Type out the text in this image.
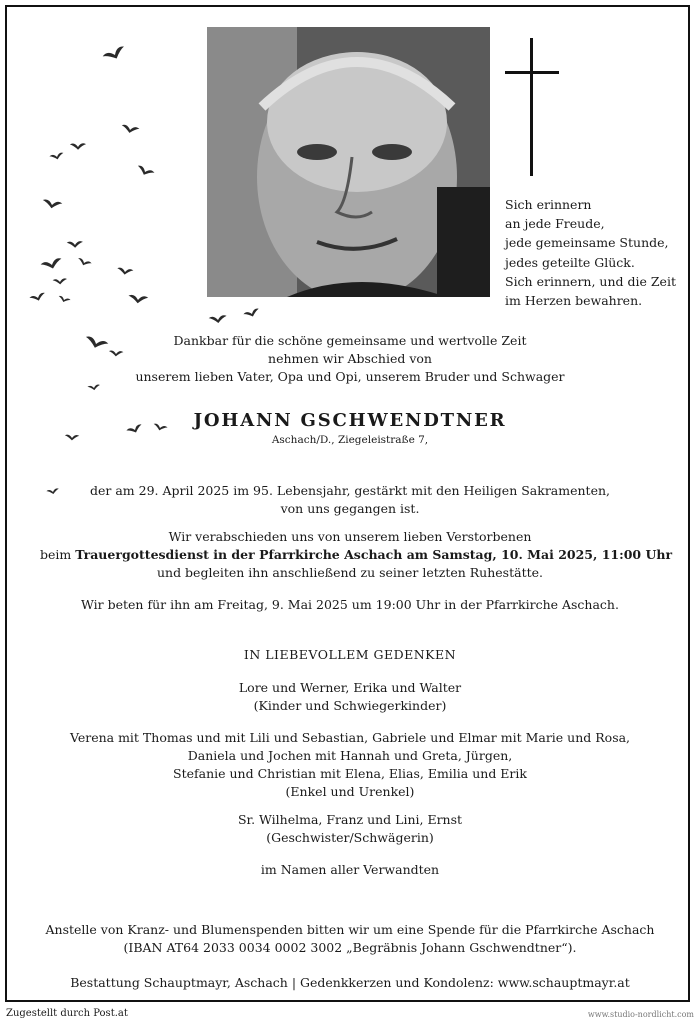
Sich erinnern
an jede Freude,
jede gemeinsame Stunde,
jedes geteilte Glück.
Sich erinnern, und die Zeit
im Herzen bewahren.
Dankbar für die schöne gemeinsame und wertvolle Zeit
nehmen wir Abschied von
unserem lieben Vater, Opa und Opi, unserem Bruder und Schwager
JOHANN GSCHWENDTNER
Aschach/D., Ziegeleistraße 7,
der am 29. April 2025 im 95. Lebensjahr, gestärkt mit den Heiligen Sakramenten,
von uns gegangen ist.
Wir verabschieden uns von unserem lieben Verstorbenen
beim Trauergottesdienst in der Pfarrkirche Aschach am Samstag, 10. Mai 2025, 11:00 Uhr
und begleiten ihn anschließend zu seiner letzten Ruhestätte.
Wir beten für ihn am Freitag, 9. Mai 2025 um 19:00 Uhr in der Pfarrkirche Aschach.
IN LIEBEVOLLEM GEDENKEN
Lore und Werner, Erika und Walter
(Kinder und Schwiegerkinder)
Verena mit Thomas und mit Lili und Sebastian, Gabriele und Elmar mit Marie und Rosa,
Daniela und Jochen mit Hannah und Greta, Jürgen,
Stefanie und Christian mit Elena, Elias, Emilia und Erik
(Enkel und Urenkel)
Sr. Wilhelma, Franz und Lini, Ernst
(Geschwister/Schwägerin)
im Namen aller Verwandten
Anstelle von Kranz- und Blumenspenden bitten wir um eine Spende für die Pfarrkirche Aschach
(IBAN AT64 2033 0034 0002 3002 „Begräbnis Johann Gschwendtner“).
Bestattung Schauptmayr, Aschach | Gedenkkerzen und Kondolenz: www.schauptmayr.at
Zugestellt durch Post.at	www.studio-nordlicht.com
